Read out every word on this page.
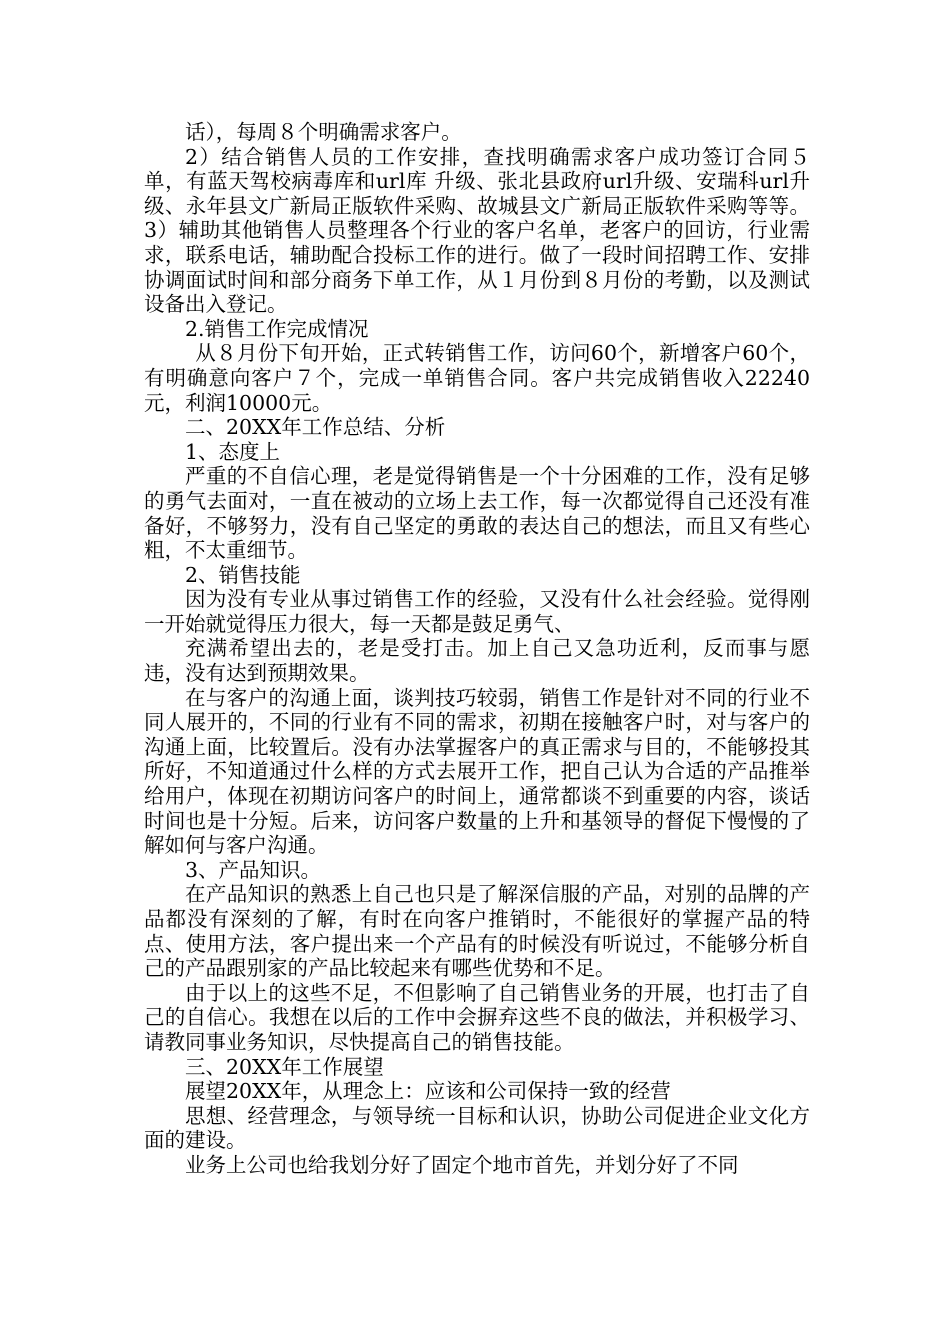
话），每周８个明确需求客户。

2）结合销售人员的工作安排，查找明确需求客户成功签订合同５单，有蓝天驾校病毒库和url库 升级、张北县政府url升级、安瑞科url升级、永年县文广新局正版软件采购、故城县文广新局正版软件采购等等。3）辅助其他销售人员整理各个行业的客户名单，老客户的回访，行业需求，联系电话，辅助配合投标工作的进行。做了一段时间招聘工作、安排协调面试时间和部分商务下单工作，从１月份到８月份的考勤，以及测试设备出入登记。

2.销售工作完成情况

从８月份下旬开始，正式转销售工作，访问60个，新增客户60个，有明确意向客户７个，完成一单销售合同。客户共完成销售收入22240元，利润10000元。

二、20XX年工作总结、分析

1、态度上

严重的不自信心理，老是觉得销售是一个十分困难的工作，没有足够的勇气去面对，一直在被动的立场上去工作，每一次都觉得自己还没有准备好，不够努力，没有自己坚定的勇敢的表达自己的想法，而且又有些心粗，不太重细节。

2、销售技能

因为没有专业从事过销售工作的经验，又没有什么社会经验。觉得刚一开始就觉得压力很大，每一天都是鼓足勇气、

充满希望出去的，老是受打击。加上自己又急功近利，反而事与愿违，没有达到预期效果。

在与客户的沟通上面，谈判技巧较弱，销售工作是针对不同的行业不同人展开的，不同的行业有不同的需求，初期在接触客户时，对与客户的沟通上面，比较置后。没有办法掌握客户的真正需求与目的，不能够投其所好，不知道通过什么样的方式去展开工作，把自己认为合适的产品推举给用户，体现在初期访问客户的时间上，通常都谈不到重要的内容，谈话时间也是十分短。后来，访问客户数量的上升和基领导的督促下慢慢的了解如何与客户沟通。

3、产品知识。

在产品知识的熟悉上自己也只是了解深信服的产品，对别的品牌的产品都没有深刻的了解，有时在向客户推销时，不能很好的掌握产品的特点、使用方法，客户提出来一个产品有的时候没有听说过，不能够分析自己的产品跟别家的产品比较起来有哪些优势和不足。

由于以上的这些不足，不但影响了自己销售业务的开展，也打击了自己的自信心。我想在以后的工作中会摒弃这些不良的做法，并积极学习、请教同事业务知识，尽快提高自己的销售技能。

三、20XX年工作展望

展望20XX年，从理念上：应该和公司保持一致的经营

思想、经营理念，与领导统一目标和认识，协助公司促进企业文化方面的建设。

业务上公司也给我划分好了固定个地市首先，并划分好了不同
